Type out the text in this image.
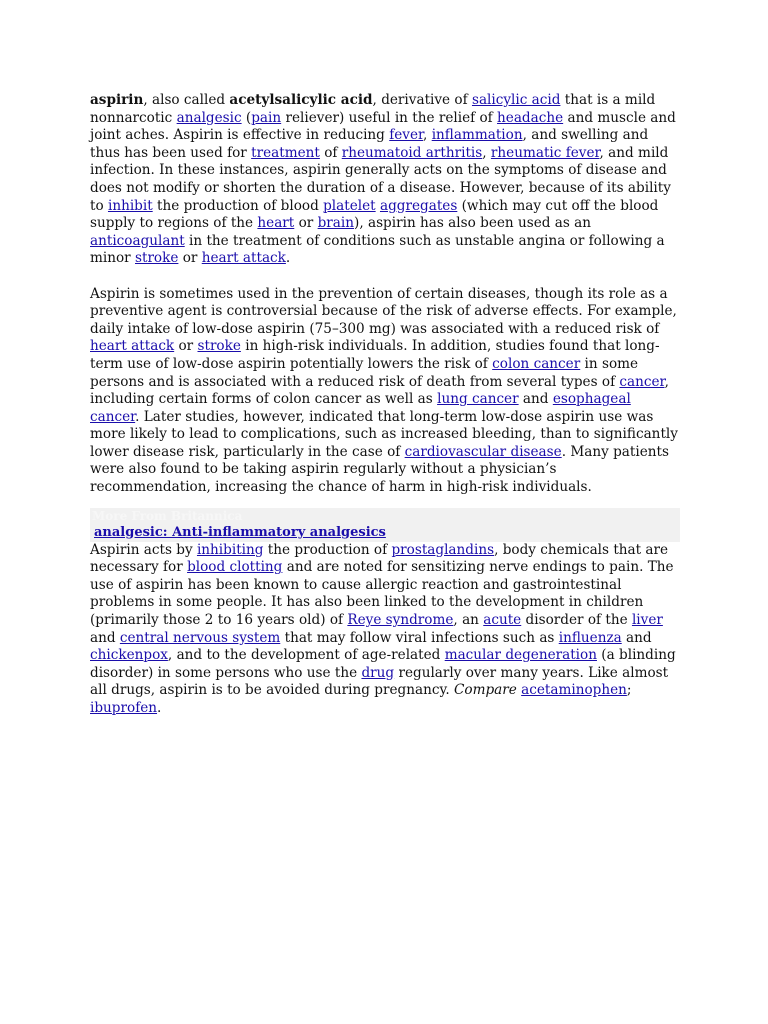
aspirin, also called acetylsalicylic acid, derivative of salicylic acid that is a mild nonnarcotic analgesic (pain reliever) useful in the relief of headache and muscle and joint aches. Aspirin is effective in reducing fever, inflammation, and swelling and thus has been used for treatment of rheumatoid arthritis, rheumatic fever, and mild infection. In these instances, aspirin generally acts on the symptoms of disease and does not modify or shorten the duration of a disease. However, because of its ability to inhibit the production of blood platelet aggregates (which may cut off the blood supply to regions of the heart or brain), aspirin has also been used as an anticoagulant in the treatment of conditions such as unstable angina or following a minor stroke or heart attack.

Aspirin is sometimes used in the prevention of certain diseases, though its role as a preventive agent is controversial because of the risk of adverse effects. For example, daily intake of low-dose aspirin (75–300 mg) was associated with a reduced risk of heart attack or stroke in high-risk individuals. In addition, studies found that long-term use of low-dose aspirin potentially lowers the risk of colon cancer in some persons and is associated with a reduced risk of death from several types of cancer, including certain forms of colon cancer as well as lung cancer and esophageal cancer. Later studies, however, indicated that long-term low-dose aspirin use was more likely to lead to complications, such as increased bleeding, than to significantly lower disease risk, particularly in the case of cardiovascular disease. Many patients were also found to be taking aspirin regularly without a physician’s recommendation, increasing the chance of harm in high-risk individuals.

More From Britannica
analgesic: Anti-inflammatory analgesics

Aspirin acts by inhibiting the production of prostaglandins, body chemicals that are necessary for blood clotting and are noted for sensitizing nerve endings to pain. The use of aspirin has been known to cause allergic reaction and gastrointestinal problems in some people. It has also been linked to the development in children (primarily those 2 to 16 years old) of Reye syndrome, an acute disorder of the liver and central nervous system that may follow viral infections such as influenza and chickenpox, and to the development of age-related macular degeneration (a blinding disorder) in some persons who use the drug regularly over many years. Like almost all drugs, aspirin is to be avoided during pregnancy. Compare acetaminophen; ibuprofen.
